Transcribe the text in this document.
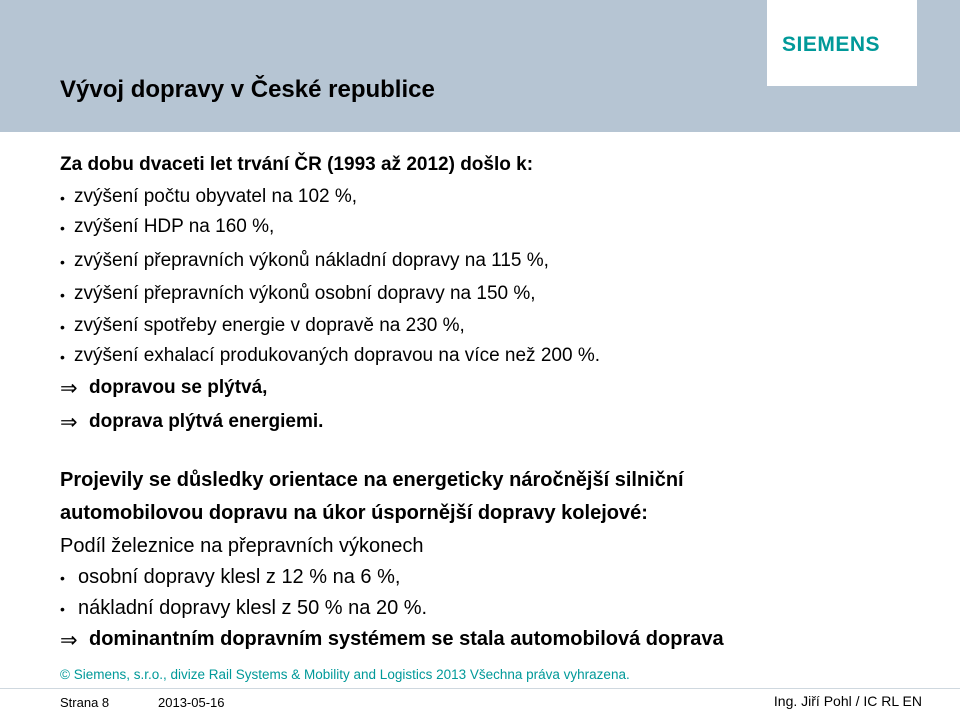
SIEMENS
Vývoj dopravy v České republice
Za dobu dvaceti let trvání ČR (1993 až 2012) došlo k:
• zvýšení počtu obyvatel na 102 %,
• zvýšení HDP na 160 %,
• zvýšení přepravních výkonů nákladní dopravy na 115 %,
• zvýšení přepravních výkonů osobní dopravy na 150 %,
• zvýšení spotřeby energie v dopravě na 230 %,
• zvýšení exhalací produkovaných dopravou na více než 200 %.
⇒ dopravou se plýtvá,
⇒ doprava plýtvá energiemi.
Projevily se důsledky orientace na energeticky náročnější silniční
automobilovou dopravu na úkor úspornější dopravy kolejové:
Podíl železnice na přepravních výkonech
• osobní dopravy klesl z 12 % na 6 %,
• nákladní dopravy klesl z 50 % na 20 %.
⇒ dominantním dopravním systémem se stala automobilová doprava
© Siemens, s.r.o., divize Rail Systems & Mobility and Logistics 2013 Všechna práva vyhrazena.
Strana 8	2013-05-16	Ing. Jiří Pohl / IC RL EN
